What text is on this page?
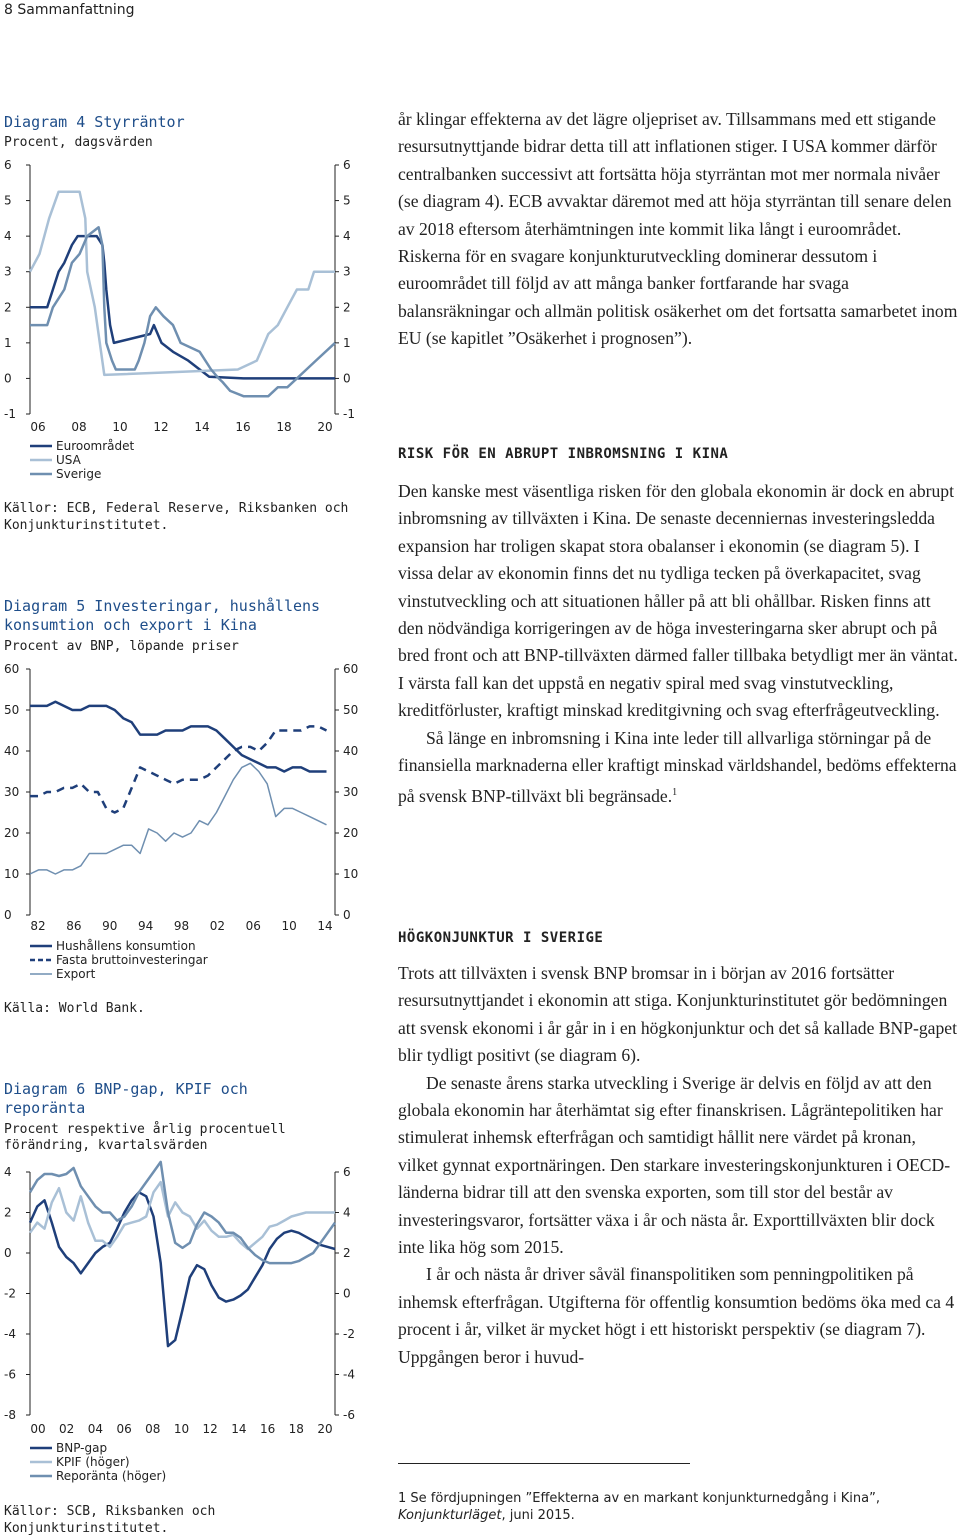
8 Sammanfattning
Diagram 4 Styrräntor
Procent, dagsvärden
6	6
5	5
4	4
3	3
2	2
1	1
0	0
-1	-1
06 08 10 12 14 16 18 20
Euroområdet
USA
Sverige
Källor: ECB, Federal Reserve, Riksbanken och Konjunkturinstitutet.
Diagram 5 Investeringar, hushållens konsumtion och export i Kina
Procent av BNP, löpande priser
60	60
50	50
40	40
30	30
20	20
10	10
0	0
82 86 90 94 98 02 06 10 14
Hushållens konsumtion
Fasta bruttoinvesteringar
Export
Källa: World Bank.
Diagram 6 BNP-gap, KPIF och reporänta
Procent respektive årlig procentuell förändring, kvartalsvärden
4	6
2	4
0	2
-2	0
-4	-2
-6	-4
-8	-6
00 02 04 06 08 10 12 14 16 18 20
BNP-gap
KPIF (höger)
Reporänta (höger)
Källor: SCB, Riksbanken och Konjunkturinstitutet.

år klingar effekterna av det lägre oljepriset av. Tillsammans med ett stigande resursutnyttjande bidrar detta till att inflationen stiger. I USA kommer därför centralbanken successivt att fortsätta höja styrräntan mot mer normala nivåer (se diagram 4). ECB avvaktar däremot med att höja styrräntan till senare delen av 2018 eftersom återhämtningen inte kommit lika långt i euroområdet. Riskerna för en svagare konjunkturutveckling dominerar dessutom i euroområdet till följd av att många banker fortfarande har svaga balansräkningar och allmän politisk osäkerhet om det fortsatta samarbetet inom EU (se kapitlet ”Osäkerhet i prognosen”).

RISK FÖR EN ABRUPT INBROMSNING I KINA

Den kanske mest väsentliga risken för den globala ekonomin är dock en abrupt inbromsning av tillväxten i Kina. De senaste decenniernas investeringsledda expansion har troligen skapat stora obalanser i ekonomin (se diagram 5). I vissa delar av ekonomin finns det nu tydliga tecken på överkapacitet, svag vinstutveckling och att situationen håller på att bli ohållbar. Risken finns att den nödvändiga korrigeringen av de höga investeringarna sker abrupt och på bred front och att BNP-tillväxten därmed faller tillbaka betydligt mer än väntat. I värsta fall kan det uppstå en negativ spiral med svag vinstutveckling, kreditförluster, kraftigt minskad kreditgivning och svag efterfrågeutveckling.

Så länge en inbromsning i Kina inte leder till allvarliga störningar på de finansiella marknaderna eller kraftigt minskad världshandel, bedöms effekterna på svensk BNP-tillväxt bli begränsade.$^1$

HÖGKONJUNKTUR I SVERIGE

Trots att tillväxten i svensk BNP bromsar in i början av 2016 fortsätter resursutnyttjandet i ekonomin att stiga. Konjunkturinstitutet gör bedömningen att svensk ekonomi i år går in i en högkonjunktur och det så kallade BNP-gapet blir tydligt positivt (se diagram 6).

De senaste årens starka utveckling i Sverige är delvis en följd av att den globala ekonomin har återhämtat sig efter finanskrisen. Lågräntepolitiken har stimulerat inhemsk efterfrågan och samtidigt hållit nere värdet på kronan, vilket gynnat exportnäringen. Den starkare investeringskonjunkturen i OECD-länderna bidrar till att den svenska exporten, som till stor del består av investeringsvaror, fortsätter växa i år och nästa år. Exporttillväxten blir dock inte lika hög som 2015.

I år och nästa år driver såväl finanspolitiken som penningpolitiken på inhemsk efterfrågan. Utgifterna för offentlig konsumtion bedöms öka med ca 4 procent i år, vilket är mycket högt i ett historiskt perspektiv (se diagram 7). Uppgången beror i huvud-

1 Se fördjupningen ”Effekterna av en markant konjunkturnedgång i Kina”,
Konjunkturläget, juni 2015.
